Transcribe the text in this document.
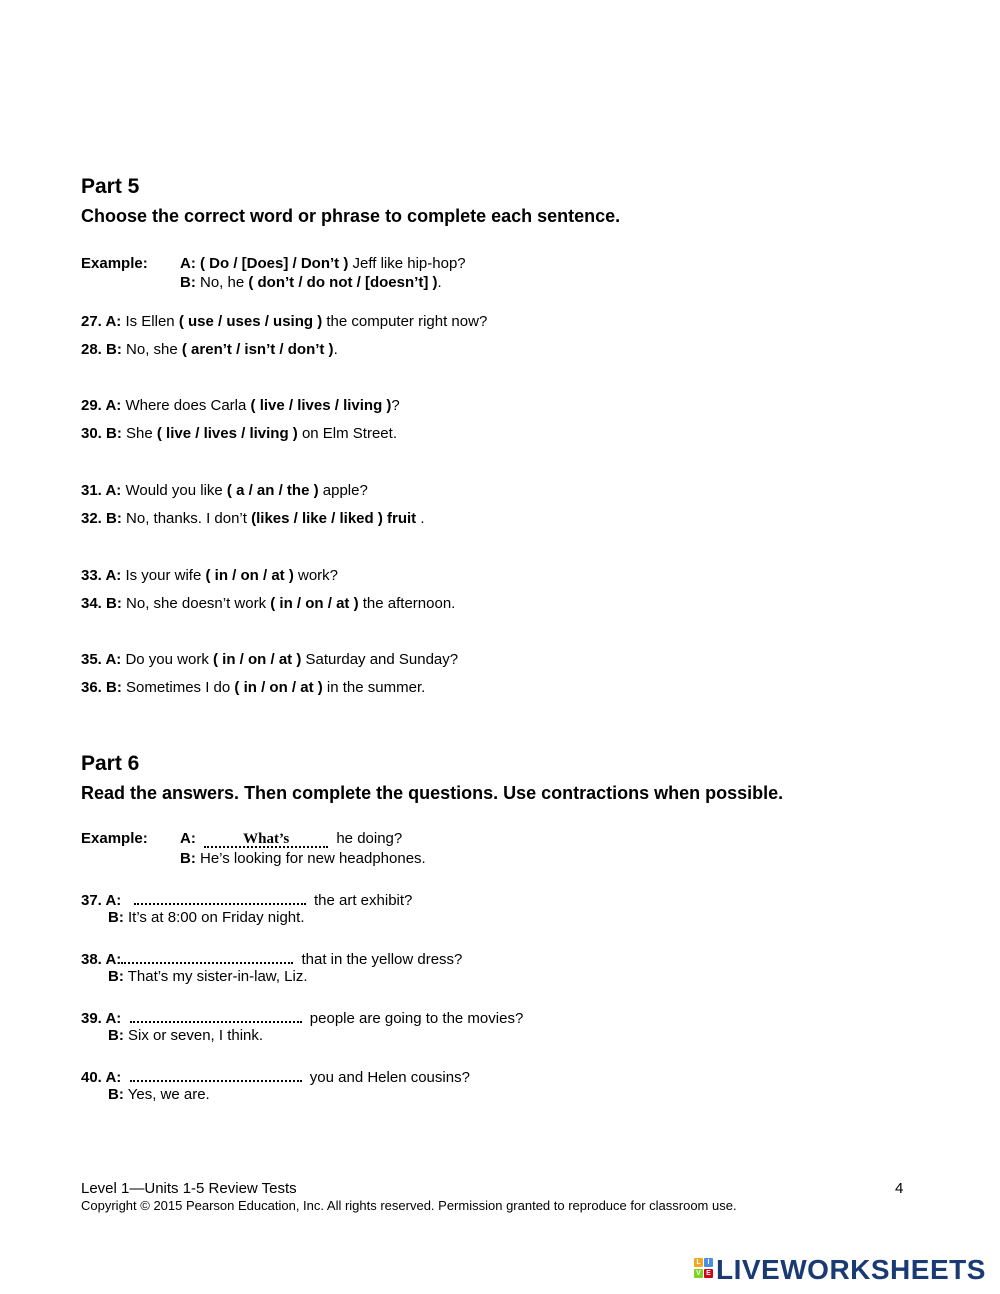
Part 5
Choose the correct word or phrase to complete each sentence.
Example: A: ( Do / [Does] / Don’t ) Jeff like hip-hop?
B: No, he ( don’t / do not / [doesn’t] ).
27. A: Is Ellen ( use / uses / using ) the computer right now?
28. B: No, she ( aren’t / isn’t / don’t ).
29. A: Where does Carla ( live / lives / living )?
30. B: She ( live / lives / living ) on Elm Street.
31. A: Would you like ( a / an / the ) apple?
32. B: No, thanks. I don’t (likes / like / liked ) fruit .
33. A: Is your wife ( in / on / at ) work?
34. B: No, she doesn’t work ( in / on / at ) the afternoon.
35. A: Do you work ( in / on / at ) Saturday and Sunday?
36. B: Sometimes I do ( in / on / at ) in the summer.
Part 6
Read the answers. Then complete the questions. Use contractions when possible.
Example: A:	What’s	he doing?
B: He’s looking for new headphones.
37. A:	the art exhibit?
B: It’s at 8:00 on Friday night.
38. A:	that in the yellow dress?
B: That’s my sister-in-law, Liz.
39. A:	people are going to the movies?
B: Six or seven, I think.
40. A:	you and Helen cousins?
B: Yes, we are.
Level 1—Units 1-5 Review Tests	4
Copyright © 2015 Pearson Education, Inc. All rights reserved. Permission granted to reproduce for classroom use.
L I
V E LIVEWORKSHEETS
